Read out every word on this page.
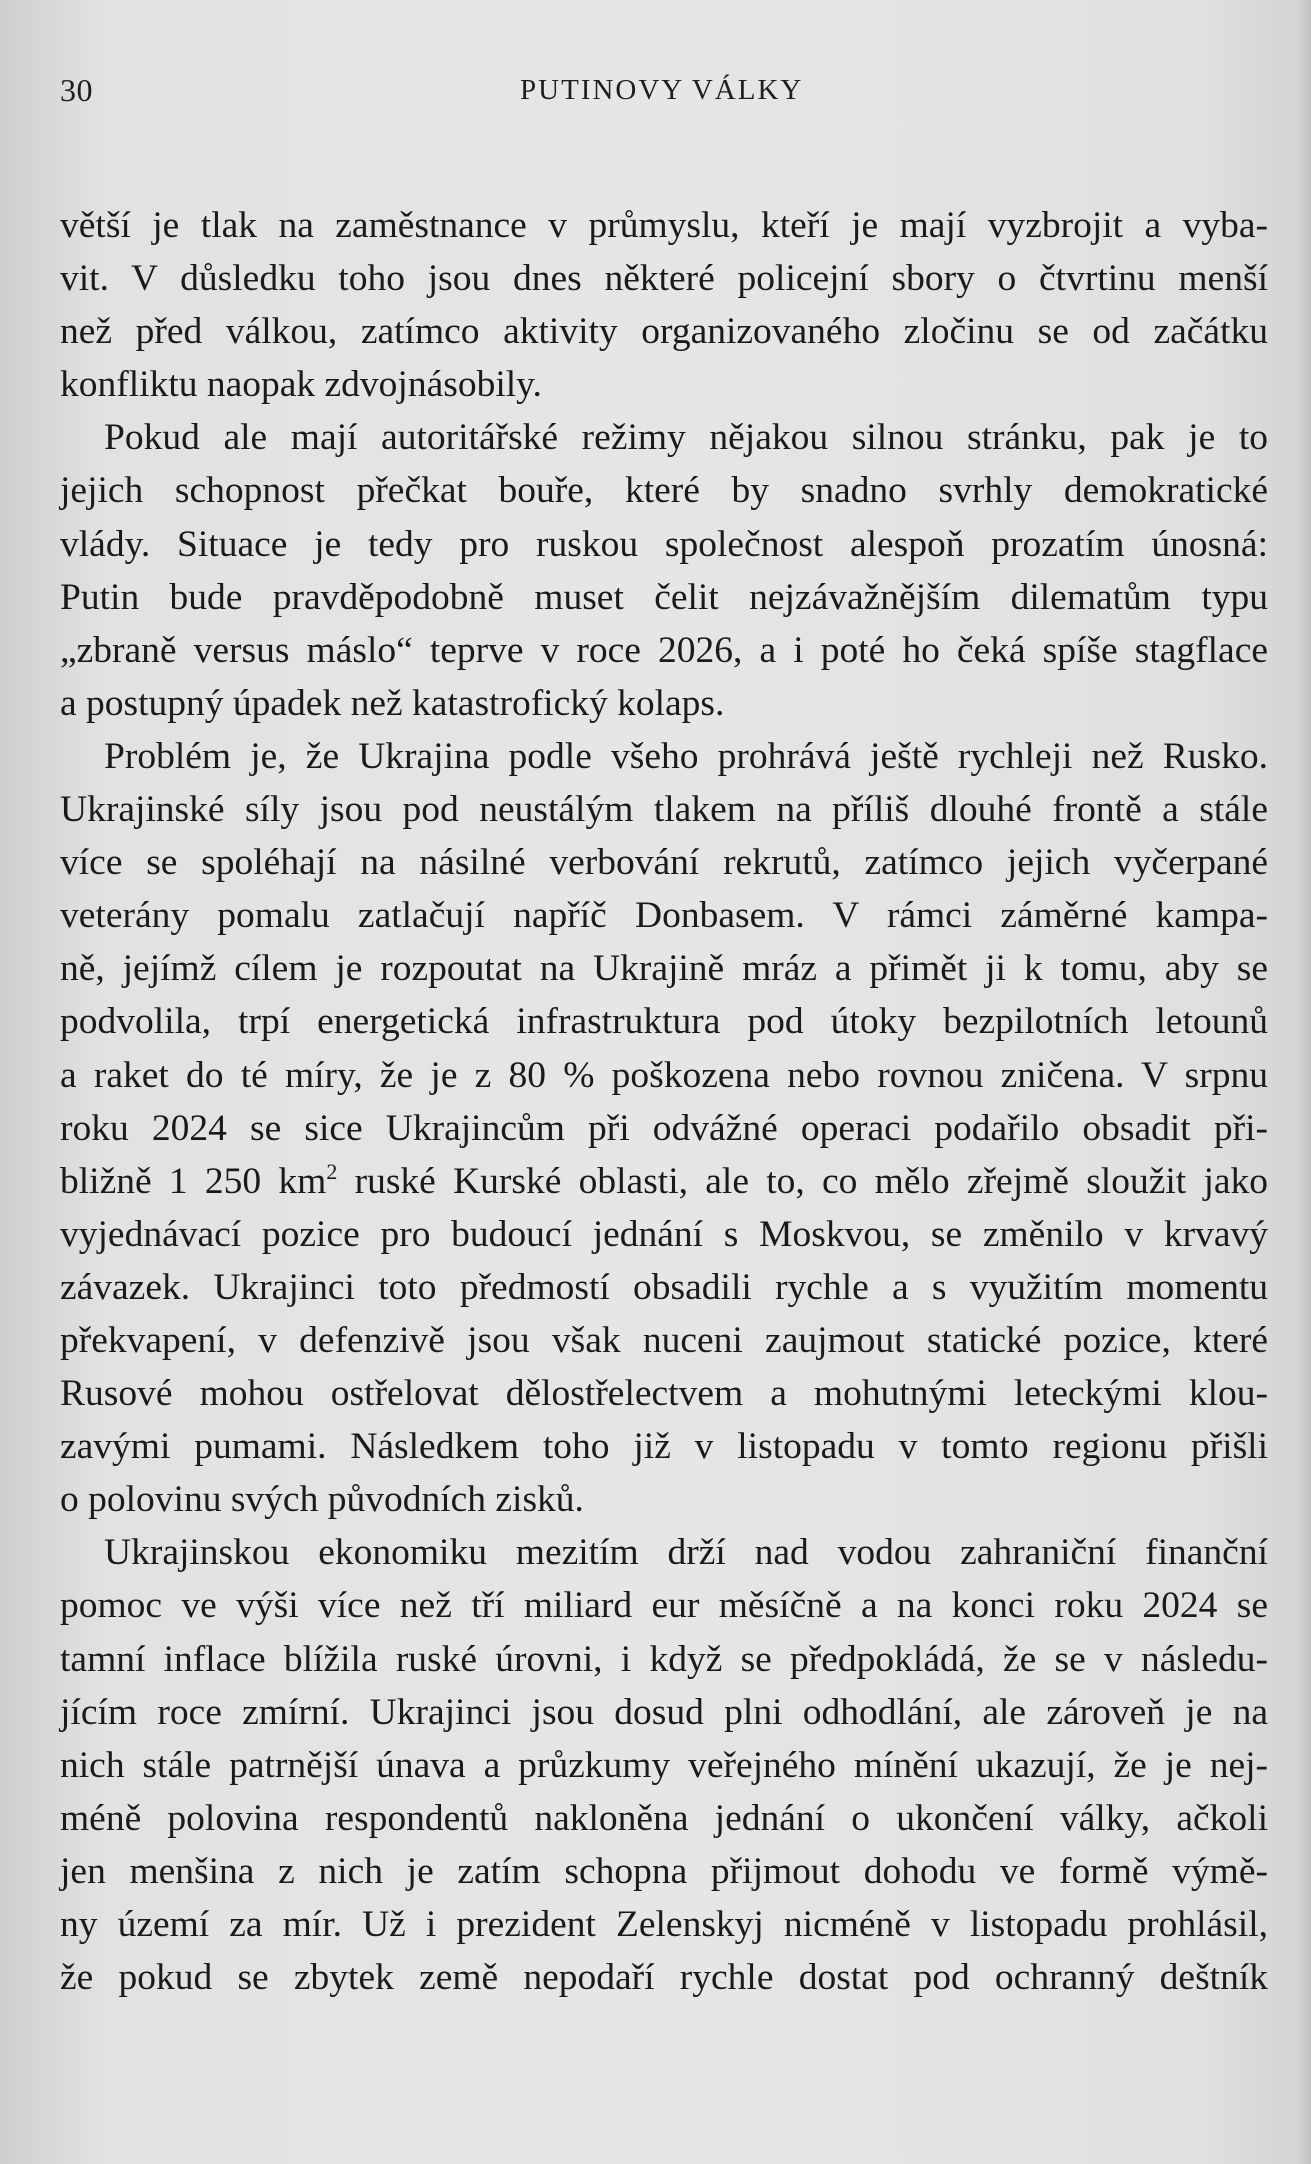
30	PUTINOVY VÁLKY

větší je tlak na zaměstnance v průmyslu, kteří je mají vyzbrojit a vyba-
vit. V důsledku toho jsou dnes některé policejní sbory o čtvrtinu menší
než před válkou, zatímco aktivity organizovaného zločinu se od začátku
konfliktu naopak zdvojnásobily.

Pokud ale mají autoritářské režimy nějakou silnou stránku, pak je to
jejich schopnost přečkat bouře, které by snadno svrhly demokratické
vlády. Situace je tedy pro ruskou společnost alespoň prozatím únosná:
Putin bude pravděpodobně muset čelit nejzávažnějším dilematům typu
„zbraně versus máslo“ teprve v roce 2026, a i poté ho čeká spíše stagflace
a postupný úpadek než katastrofický kolaps.

Problém je, že Ukrajina podle všeho prohrává ještě rychleji než Rusko.
Ukrajinské síly jsou pod neustálým tlakem na příliš dlouhé frontě a stále
více se spoléhají na násilné verbování rekrutů, zatímco jejich vyčerpané
veterány pomalu zatlačují napříč Donbasem. V rámci záměrné kampa-
ně, jejímž cílem je rozpoutat na Ukrajině mráz a přimět ji k tomu, aby se
podvolila, trpí energetická infrastruktura pod útoky bezpilotních letounů
a raket do té míry, že je z 80 % poškozena nebo rovnou zničena. V srpnu
roku 2024 se sice Ukrajincům při odvážné operaci podařilo obsadit při-
bližně 1 250 $km^2$ ruské Kurské oblasti, ale to, co mělo zřejmě sloužit jako
vyjednávací pozice pro budoucí jednání s Moskvou, se změnilo v krvavý
závazek. Ukrajinci toto předmostí obsadili rychle a s využitím momentu
překvapení, v defenzivě jsou však nuceni zaujmout statické pozice, které
Rusové mohou ostřelovat dělostřelectvem a mohutnými leteckými klou-
zavými pumami. Následkem toho již v listopadu v tomto regionu přišli
o polovinu svých původních zisků.

Ukrajinskou ekonomiku mezitím drží nad vodou zahraniční finanční
pomoc ve výši více než tří miliard eur měsíčně a na konci roku 2024 se
tamní inflace blížila ruské úrovni, i když se předpokládá, že se v následu-
jícím roce zmírní. Ukrajinci jsou dosud plni odhodlání, ale zároveň je na
nich stále patrnější únava a průzkumy veřejného mínění ukazují, že je nej-
méně polovina respondentů nakloněna jednání o ukončení války, ačkoli
jen menšina z nich je zatím schopna přijmout dohodu ve formě výmě-
ny území za mír. Už i prezident Zelenskyj nicméně v listopadu prohlásil,
že pokud se zbytek země nepodaří rychle dostat pod ochranný deštník
